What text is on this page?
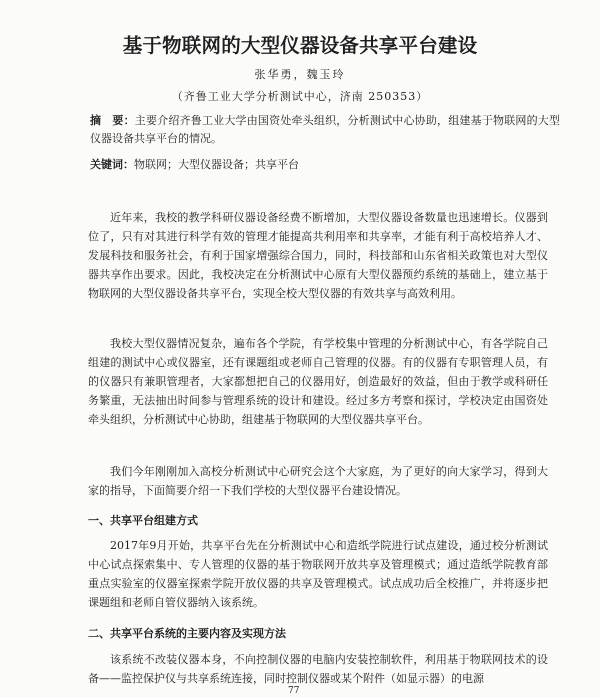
基于物联网的大型仪器设备共享平台建设
张华勇，魏玉玲
（齐鲁工业大学分析测试中心，济南 250353）

摘　要：主要介绍齐鲁工业大学由国资处牵头组织，分析测试中心协助，组建基于物联网的大型仪器设备共享平台的情况。

关键词：物联网；大型仪器设备；共享平台

近年来，我校的教学科研仪器设备经费不断增加，大型仪器设备数量也迅速增长。仪器到位了，只有对其进行科学有效的管理才能提高共利用率和共享率，才能有利于高校培养人才、发展科技和服务社会，有利于国家增强综合国力，同时，科技部和山东省相关政策也对大型仪器共享作出要求。因此，我校决定在分析测试中心原有大型仪器预约系统的基础上，建立基于物联网的大型仪器设备共享平台，实现全校大型仪器的有效共享与高效利用。

我校大型仪器情况复杂，遍布各个学院，有学校集中管理的分析测试中心，有各学院自己组建的测试中心或仪器室，还有课题组或老师自己管理的仪器。有的仪器有专职管理人员，有的仪器只有兼职管理者，大家都想把自己的仪器用好，创造最好的效益，但由于教学或科研任务繁重，无法抽出时间参与管理系统的设计和建设。经过多方考察和探讨，学校决定由国资处牵头组织，分析测试中心协助，组建基于物联网的大型仪器共享平台。

我们今年刚刚加入高校分析测试中心研究会这个大家庭，为了更好的向大家学习，得到大家的指导，下面简要介绍一下我们学校的大型仪器平台建设情况。

一、共享平台组建方式

2017年9月开始，共享平台先在分析测试中心和造纸学院进行试点建设，通过校分析测试中心试点探索集中、专人管理的仪器的基于物联网开放共享及管理模式；通过造纸学院教育部重点实验室的仪器室探索学院开放仪器的共享及管理模式。试点成功后全校推广，并将逐步把课题组和老师自管仪器纳入该系统。

二、共享平台系统的主要内容及实现方法

该系统不改装仪器本身，不向控制仪器的电脑内安装控制软件，利用基于物联网技术的设备——监控保护仪与共享系统连接，同时控制仪器或某个附件（如显示器）的电源

77
